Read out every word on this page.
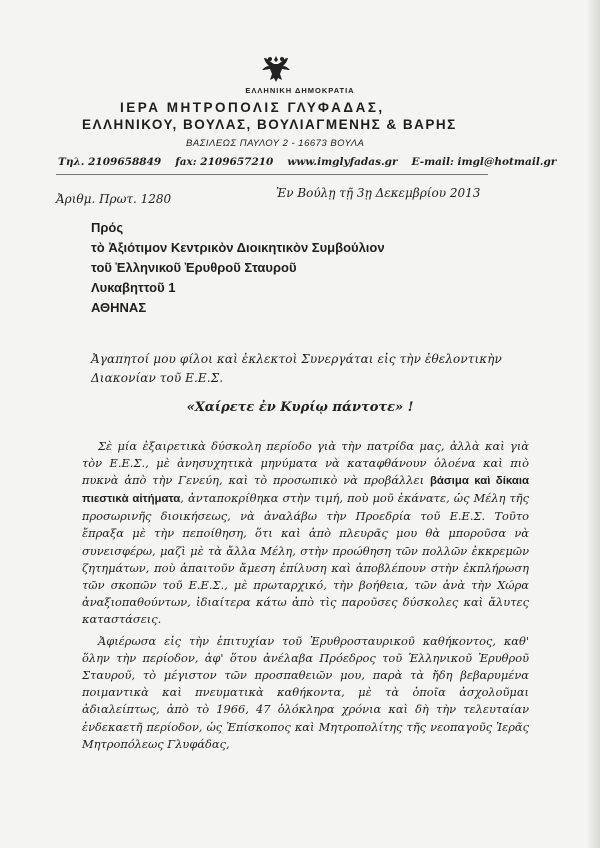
ΕΛΛΗΝΙΚΗ ΔΗΜΟΚΡΑΤΙΑ
ΙΕΡΑ ΜΗΤΡΟΠΟΛΙΣ ΓΛΥΦΑΔΑΣ,
ΕΛΛΗΝΙΚΟΥ, ΒΟΥΛΑΣ, ΒΟΥΛΙΑΓΜΕΝΗΣ & ΒΑΡΗΣ
ΒΑΣΙΛΕΩΣ ΠΑΥΛΟΥ 2 - 16673 ΒΟΥΛΑ
Τηλ. 2109658849 fax: 2109657210 www.imglyfadas.gr E-mail: imgl@hotmail.gr
Ἀριθμ. Πρωτ. 1280	Ἐν Βούλῃ τῇ 3ῃ Δεκεμβρίου 2013
Πρός
τὸ Ἀξιότιμον Κεντρικὸν Διοικητικὸν Συμβούλιον
τοῦ Ἑλληνικοῦ Ἐρυθροῦ Σταυροῦ
Λυκαβηττοῦ 1
ΑΘΗΝΑΣ
Ἀγαπητοί μου φίλοι καὶ ἐκλεκτοὶ Συνεργάται εἰς τὴν ἐθελοντικὴν Διακονίαν τοῦ Ε.Ε.Σ.
«Χαίρετε ἐν Κυρίῳ πάντοτε» !

Σὲ μία ἐξαιρετικὰ δύσκολη περίοδο γιὰ τὴν πατρίδα μας, ἀλλὰ καὶ γιὰ τὸν Ε.Ε.Σ., μὲ ἀνησυχητικὰ μηνύματα νὰ καταφθάνουν ὁλοένα καὶ πιὸ πυκνὰ ἀπὸ τὴν Γενεύη, καὶ τὸ προσωπικὸ νὰ προβάλλει βάσιμα καὶ δίκαια πιεστικὰ αἰτήματα, ἀνταποκρίθηκα στὴν τιμή, ποὺ μοῦ ἐκάνατε, ὡς Μέλη τῆς προσωρινῆς διοικήσεως, νὰ ἀναλάβω τὴν Προεδρία τοῦ Ε.Ε.Σ. Τοῦτο ἔπραξα μὲ τὴν πεποίθηση, ὅτι καὶ ἀπὸ πλευρᾶς μου θὰ μποροῦσα νὰ συνεισφέρω, μαζὶ μὲ τὰ ἄλλα Μέλη, στὴν προώθηση τῶν πολλῶν ἐκκρεμῶν ζητημάτων, ποὺ ἀπαιτοῦν ἄμεση ἐπίλυση καὶ ἀποβλέπουν στὴν ἐκπλήρωση τῶν σκοπῶν τοῦ Ε.Ε.Σ., μὲ πρωταρχικό, τὴν βοήθεια, τῶν ἀνὰ τὴν Χώρα ἀναξιοπαθούντων, ἰδιαίτερα κάτω ἀπὸ τὶς παροῦσες δύσκολες καὶ ἄλυτες καταστάσεις.

Ἀφιέρωσα εἰς τὴν ἐπιτυχίαν τοῦ Ἐρυθροσταυρικοῦ καθήκοντος, καθ' ὅλην τὴν περίοδον, ἀφ' ὅτου ἀνέλαβα Πρόεδρος τοῦ Ἑλληνικοῦ Ἐρυθροῦ Σταυροῦ, τὸ μέγιστον τῶν προσπαθειῶν μου, παρὰ τὰ ἤδη βεβαρυμένα ποιμαντικὰ καὶ πνευματικὰ καθήκοντα, μὲ τὰ ὁποῖα ἀσχολοῦμαι ἀδιαλείπτως, ἀπὸ τὸ 1966, 47 ὁλόκληρα χρόνια καὶ δὴ τὴν τελευταίαν ἑνδεκαετῆ περίοδον, ὡς Ἐπίσκοπος καὶ Μητροπολίτης τῆς νεοπαγοῦς Ἱερᾶς Μητροπόλεως Γλυφάδας,
